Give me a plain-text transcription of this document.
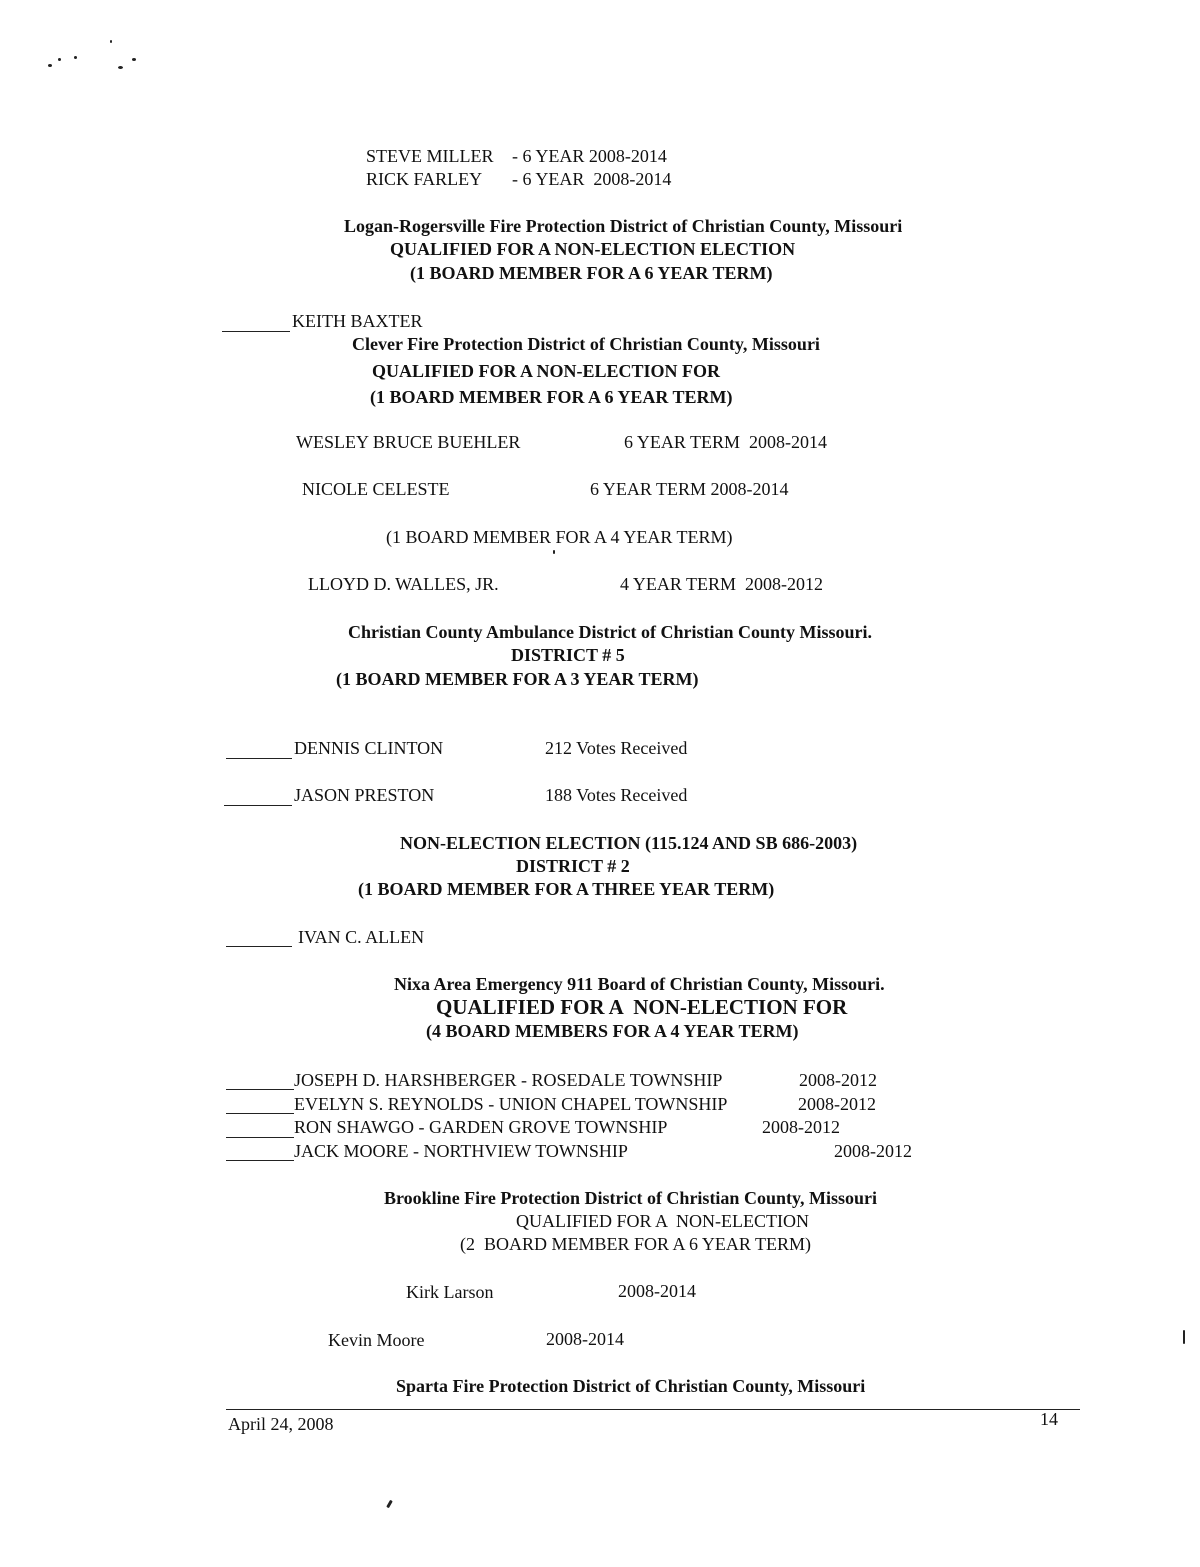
STEVE MILLER - 6 YEAR 2008-2014
RICK FARLEY - 6 YEAR  2008-2014
Logan-Rogersville Fire Protection District of Christian County, Missouri
QUALIFIED FOR A NON-ELECTION ELECTION
(1 BOARD MEMBER FOR A 6 YEAR TERM)
KEITH BAXTER
Clever Fire Protection District of Christian County, Missouri
QUALIFIED FOR A NON-ELECTION FOR
(1 BOARD MEMBER FOR A 6 YEAR TERM)
WESLEY BRUCE BUEHLER	6 YEAR TERM  2008-2014
NICOLE CELESTE	6 YEAR TERM 2008-2014
(1 BOARD MEMBER FOR A 4 YEAR TERM)
LLOYD D. WALLES, JR.	4 YEAR TERM  2008-2012
Christian County Ambulance District of Christian County Missouri.
DISTRICT # 5
(1 BOARD MEMBER FOR A 3 YEAR TERM)
DENNIS CLINTON	212 Votes Received
JASON PRESTON	188 Votes Received
NON-ELECTION ELECTION (115.124 AND SB 686-2003)
DISTRICT # 2
(1 BOARD MEMBER FOR A THREE YEAR TERM)
IVAN C. ALLEN
Nixa Area Emergency 911 Board of Christian County, Missouri.
QUALIFIED FOR A  NON-ELECTION FOR
(4 BOARD MEMBERS FOR A 4 YEAR TERM)
JOSEPH D. HARSHBERGER - ROSEDALE TOWNSHIP	2008-2012
EVELYN S. REYNOLDS - UNION CHAPEL TOWNSHIP	2008-2012
RON SHAWGO - GARDEN GROVE TOWNSHIP	2008-2012
JACK MOORE - NORTHVIEW TOWNSHIP	2008-2012
Brookline Fire Protection District of Christian County, Missouri
QUALIFIED FOR A  NON-ELECTION
(2  BOARD MEMBER FOR A 6 YEAR TERM)
Kirk Larson	2008-2014
Kevin Moore	2008-2014
Sparta Fire Protection District of Christian County, Missouri
April 24, 2008	14
